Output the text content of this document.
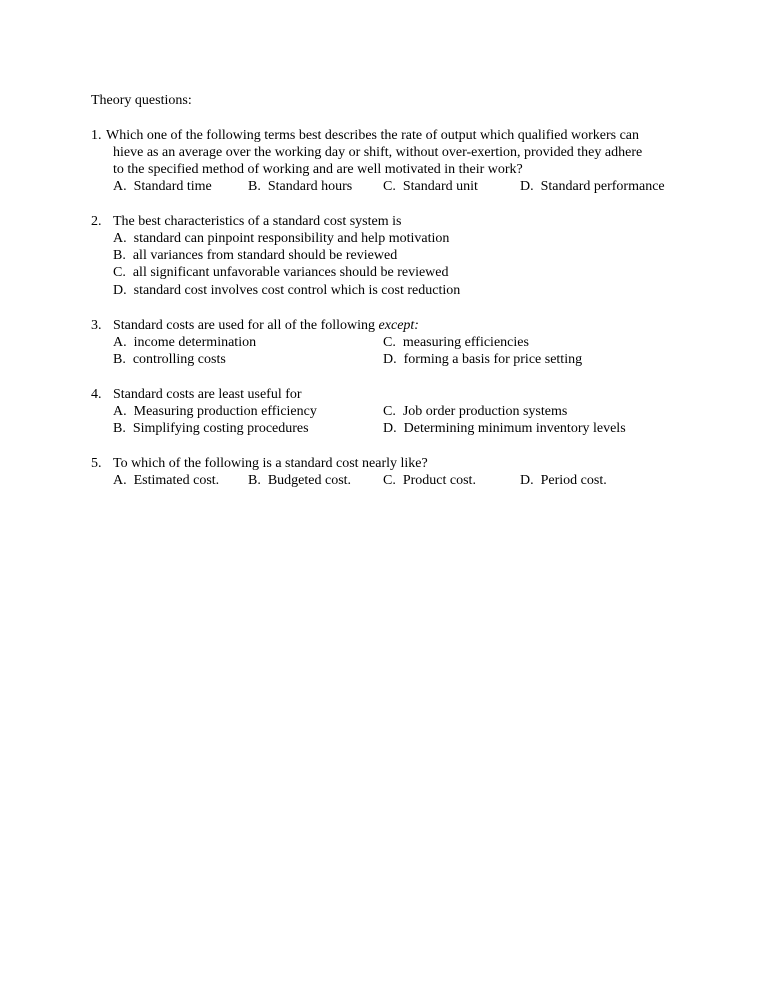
Theory questions:
1. Which one of the following terms best describes the rate of output which qualified workers can
hieve as an average over the working day or shift, without over-exertion, provided they adhere
to the specified method of working and are well motivated in their work?
A. Standard time	B. Standard hours C. Standard unit	D. Standard performance
2. The best characteristics of a standard cost system is
A. standard can pinpoint responsibility and help motivation
B. all variances from standard should be reviewed
C. all significant unfavorable variances should be reviewed
D. standard cost involves cost control which is cost reduction
3. Standard costs are used for all of the following except:
A. income determination
B. controlling costs
C. measuring efficiencies
D. forming a basis for price setting
4. Standard costs are least useful for
A. Measuring production efficiency
B. Simplifying costing procedures
C. Job order production systems
D. Determining minimum inventory levels
5. To which of the following is a standard cost nearly like?
A. Estimated cost. B. Budgeted cost. C. Product cost.	D. Period cost.
